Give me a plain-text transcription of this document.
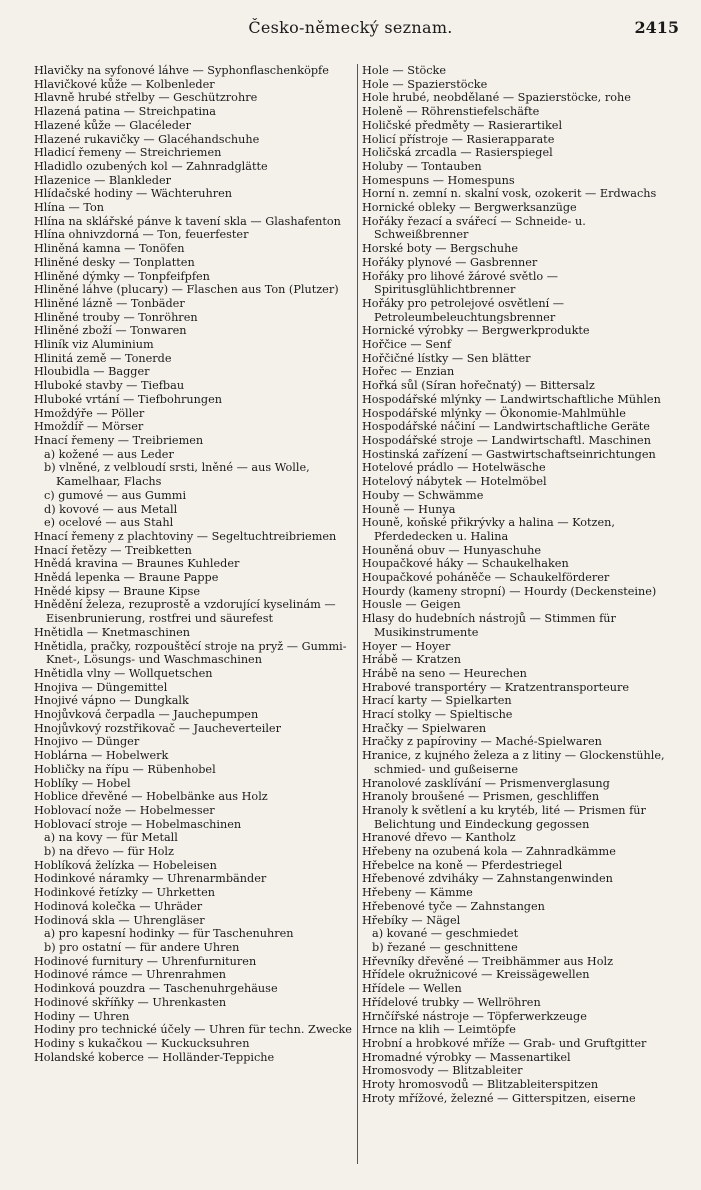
Česko-německý seznam.	2415

Hlavičky na syfonové láhve — Syphonflaschenköpfe

Hlavičkové kůže — Kolbenleder

Hlavně hrubé střelby — Geschützrohre

Hlazená patina — Streichpatina

Hlazené kůže — Glacéleder

Hlazené rukavičky — Glacéhandschuhe

Hladicí řemeny — Streichriemen

Hladidlo ozubených kol — Zahnradglätte

Hlazenice — Blankleder

Hlídačské hodiny — Wächteruhren

Hlína — Ton

Hlína na sklářské pánve k tavení skla — Glashafenton

Hlína ohnivzdorná — Ton, feuerfester

Hliněná kamna — Tonöfen

Hliněné desky — Tonplatten

Hliněné dýmky — Tonpfeifpfen

Hliněné láhve (plucary) — Flaschen aus Ton (Plutzer)

Hliněné lázně — Tonbäder

Hliněné trouby — Tonröhren

Hliněné zboží — Tonwaren

Hliník viz Aluminium

Hlinitá země — Tonerde

Hloubidla — Bagger

Hluboké stavby — Tiefbau

Hluboké vrtání — Tiefbohrungen

Hmoždýře — Pöller

Hmoždíř — Mörser

Hnací řemeny — Treibriemen

a) kožené — aus Leder

b) vlněné, z velbloudí srsti, lněné — aus Wolle, Kamelhaar, Flachs

c) gumové — aus Gummi

d) kovové — aus Metall

e) ocelové — aus Stahl

Hnací řemeny z plachtoviny — Segeltuchtreibriemen

Hnací řetězy — Treibketten

Hnědá kravina — Braunes Kuhleder

Hnědá lepenka — Braune Pappe

Hnědé kipsy — Braune Kipse

Hnědění železa, rezuprostě a vzdorující kyselinám — Eisenbrunierung, rostfrei und säurefest

Hnětidla — Knetmaschinen

Hnětidla, pračky, rozpouštěcí stroje na pryž — Gummi-Knet-, Lösungs- und Waschmaschinen

Hnětidla vlny — Wollquetschen

Hnojiva — Düngemittel

Hnojivé vápno — Dungkalk

Hnojůvková čerpadla — Jauchepumpen

Hnojůvkový rozstřikovač — Jaucheverteiler

Hnojivo — Dünger

Hoblárna — Hobelwerk

Hobličky na řípu — Rübenhobel

Hoblíky — Hobel

Hoblice dřevěné — Hobelbänke aus Holz

Hoblovací nože — Hobelmesser

Hoblovací stroje — Hobelmaschinen

a) na kovy — für Metall

b) na dřevo — für Holz

Hoblíková želízka — Hobeleisen

Hodinkové náramky — Uhrenarmbänder

Hodinkové řetízky — Uhrketten

Hodinová kolečka — Uhräder

Hodinová skla — Uhrengläser

a) pro kapesní hodinky — für Taschenuhren

b) pro ostatní — für andere Uhren

Hodinové furnitury — Uhrenfurnituren

Hodinové rámce — Uhrenrahmen

Hodinková pouzdra — Taschenuhrgehäuse

Hodinové skříňky — Uhrenkasten

Hodiny — Uhren

Hodiny pro technické účely — Uhren für techn. Zwecke

Hodiny s kukačkou — Kuckucksuhren

Holandské koberce — Holländer-Teppiche

Hole — Stöcke

Hole — Spazierstöcke

Hole hrubé, neobdělané — Spazierstöcke, rohe

Holeně — Röhrenstiefelschäfte

Holičské předměty — Rasierartikel

Holicí přístroje — Rasierapparate

Holičská zrcadla — Rasierspiegel

Holuby — Tontauben

Homespuns — Homespuns

Horní n. zemní n. skalní vosk, ozokerit — Erdwachs

Hornické obleky — Bergwerksanzüge

Hořáky řezací a svářecí — Schneide- u. Schweißbrenner

Horské boty — Bergschuhe

Hořáky plynové — Gasbrenner

Hořáky pro lihové žárové světlo — Spiritusglühlichtbrenner

Hořáky pro petrolejové osvětlení — Petroleumbeleuchtungsbrenner

Hornické výrobky — Bergwerkprodukte

Hořčice — Senf

Hořčičné lístky — Sen blätter

Hořec — Enzian

Hořká sůl (Síran hořečnatý) — Bittersalz

Hospodářské mlýnky — Landwirtschaftliche Mühlen

Hospodářské mlýnky — Ökonomie-Mahlmühle

Hospodářské náčiní — Landwirtschaftliche Geräte

Hospodářské stroje — Landwirtschaftl. Maschinen

Hostinská zařízení — Gastwirtschaftseinrichtungen

Hotelové prádlo — Hotelwäsche

Hotelový nábytek — Hotelmöbel

Houby — Schwämme

Houně — Hunya

Houně, koňské přikrývky a halina — Kotzen, Pferdedecken u. Halina

Houněná obuv — Hunyaschuhe

Houpačkové háky — Schaukelhaken

Houpačkové poháněče — Schaukelförderer

Hourdy (kameny stropní) — Hourdy (Deckensteine)

Housle — Geigen

Hlasy do hudebních nástrojů — Stimmen für Musikinstrumente

Hoyer — Hoyer

Hrábě — Kratzen

Hrábě na seno — Heurechen

Hrabové transportéry — Kratzentransporteure

Hrací karty — Spielkarten

Hrací stolky — Spieltische

Hračky — Spielwaren

Hračky z papíroviny — Maché-Spielwaren

Hranice, z kujného železa a z litiny — Glockenstühle, schmied- und gußeiserne

Hranolové zasklívání — Prismenverglasung

Hranoly broušené — Prismen, geschliffen

Hranoly k světlení a ku krytéb, lité — Prismen für Belichtung und Eindeckung gegossen

Hranové dřevo — Kantholz

Hřebeny na ozubená kola — Zahnradkämme

Hřebelce na koně — Pferdestriegel

Hřebenové zdviháky — Zahnstangenwinden

Hřebeny — Kämme

Hřebenové tyče — Zahnstangen

Hřebíky — Nägel

a) kované — geschmiedet

b) řezané — geschnittene

Hřevníky dřevěné — Treibhämmer aus Holz

Hřídele okružnicové — Kreissägewellen

Hřídele — Wellen

Hřídelové trubky — Wellröhren

Hrnčířské nástroje — Töpferwerkzeuge

Hrnce na klih — Leimtöpfe

Hrobní a hrobkové mříže — Grab- und Gruftgitter

Hromadné výrobky — Massenartikel

Hromosvody — Blitzableiter

Hroty hromosvodů — Blitzableiterspitzen

Hroty mřížové, železné — Gitterspitzen, eiserne
